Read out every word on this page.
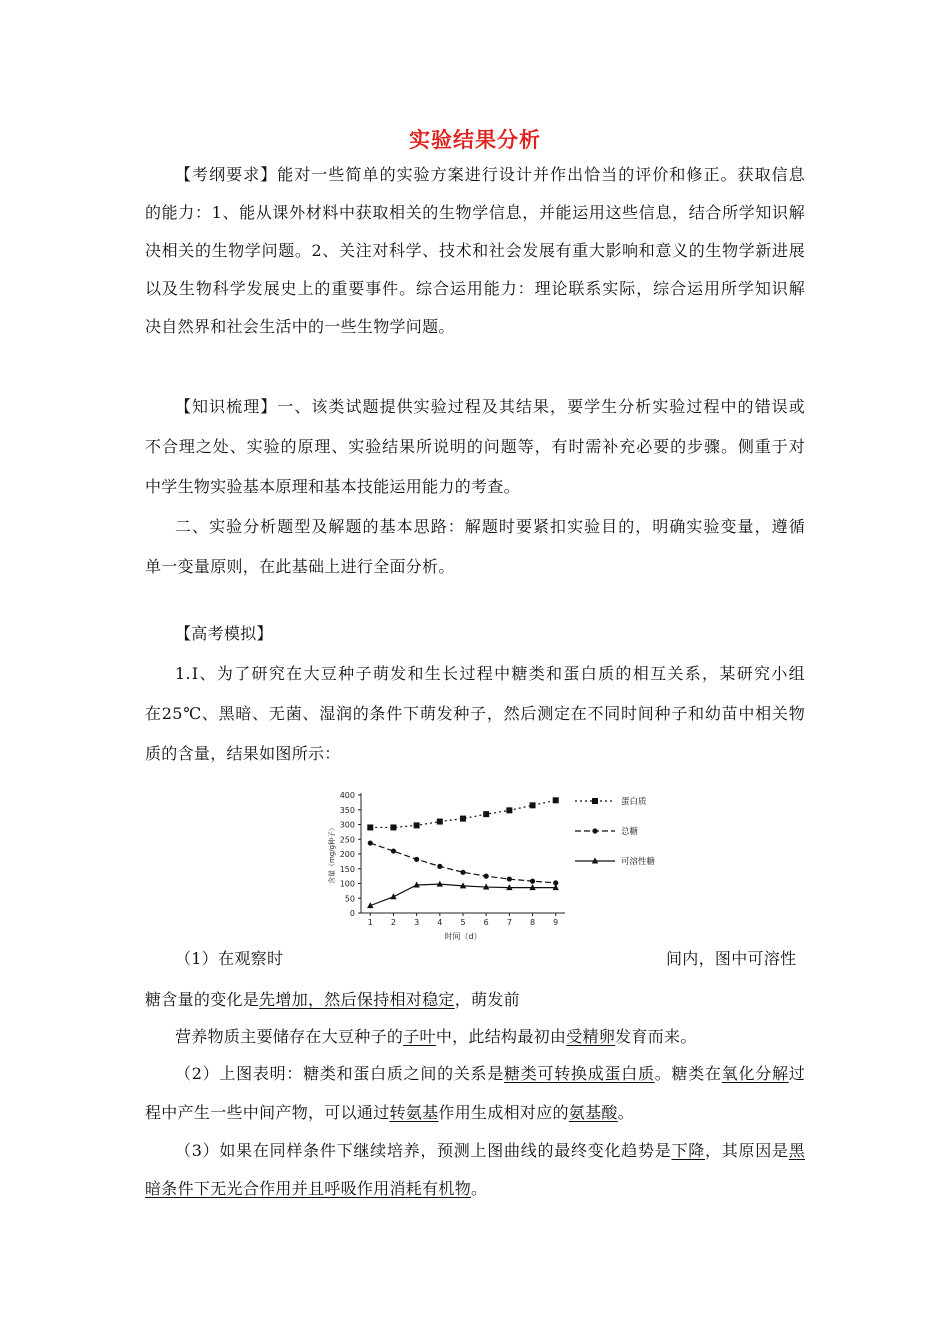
实验结果分析
【考纲要求】能对一些简单的实验方案进行设计并作出恰当的评价和修正。获取信息
的能力：1、能从课外材料中获取相关的生物学信息，并能运用这些信息，结合所学知识解
决相关的生物学问题。2、关注对科学、技术和社会发展有重大影响和意义的生物学新进展
以及生物科学发展史上的重要事件。综合运用能力：理论联系实际，综合运用所学知识解
决自然界和社会生活中的一些生物学问题。
【知识梳理】一、该类试题提供实验过程及其结果，要学生分析实验过程中的错误或
不合理之处、实验的原理、实验结果所说明的问题等，有时需补充必要的步骤。侧重于对
中学生物实验基本原理和基本技能运用能力的考查。
二、实验分析题型及解题的基本思路：解题时要紧扣实验目的，明确实验变量，遵循
单一变量原则，在此基础上进行全面分析。
【高考模拟】
1.Ⅰ、为了研究在大豆种子萌发和生长过程中糖类和蛋白质的相互关系，某研究小组
在25℃、黑暗、无菌、湿润的条件下萌发种子，然后测定在不同时间种子和幼苗中相关物
质的含量，结果如图所示：
0
50
100
150
200
250
300
350
400
1 2 3 4 5 6 7 8 9
时间（d）
含量（mg/g种子）
蛋白质
总糖
可溶性糖
（1）在观察时	间内，图中可溶性
糖含量的变化是先增加，然后保持相对稳定，萌发前
营养物质主要储存在大豆种子的子叶中，此结构最初由受精卵发育而来。
（2）上图表明：糖类和蛋白质之间的关系是糖类可转换成蛋白质。糖类在氧化分解过
程中产生一些中间产物，可以通过转氨基作用生成相对应的氨基酸。
（3）如果在同样条件下继续培养，预测上图曲线的最终变化趋势是下降，其原因是黑
暗条件下无光合作用并且呼吸作用消耗有机物。
